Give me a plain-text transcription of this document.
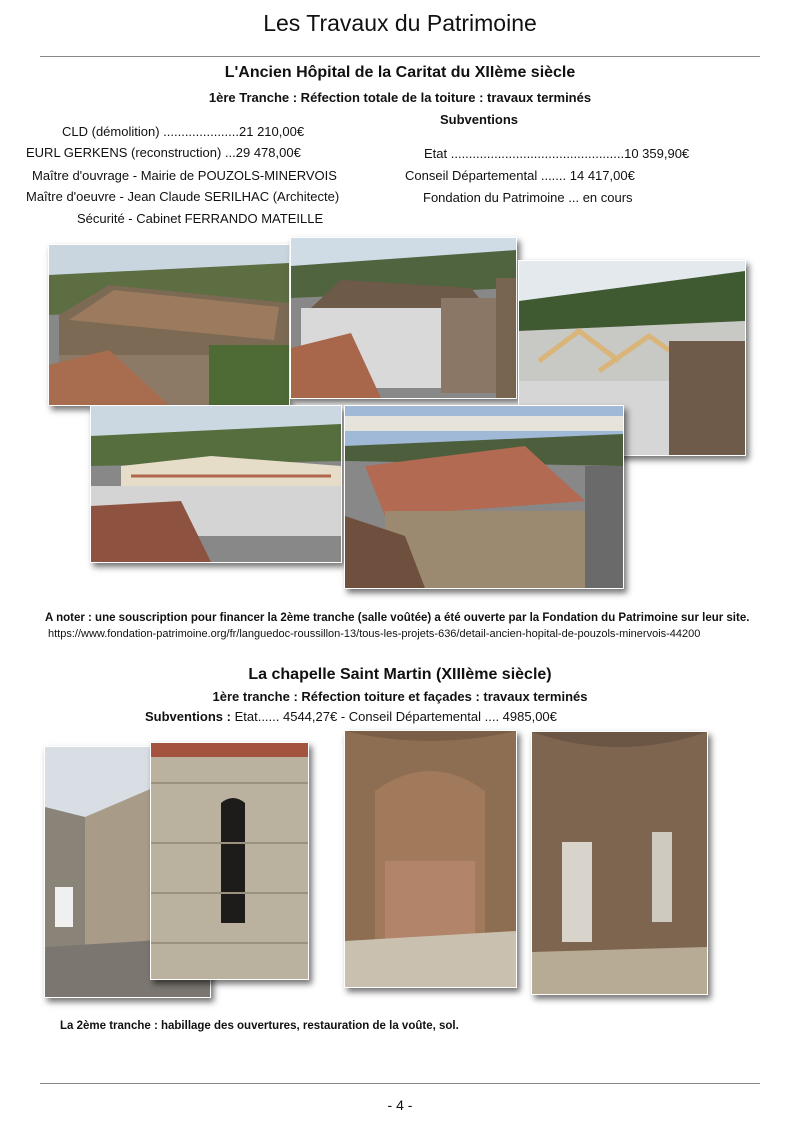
Les Travaux du Patrimoine
L'Ancien Hôpital de la Caritat du XIIème siècle
1ère Tranche : Réfection totale de la toiture : travaux terminés
Subventions
CLD (démolition) .....................21 210,00€
EURL GERKENS (reconstruction) ...29 478,00€
Maître d'ouvrage - Mairie de POUZOLS-MINERVOIS
Maître d'oeuvre - Jean Claude SERILHAC (Architecte)
Sécurité - Cabinet FERRANDO MATEILLE
Etat ................................................10 359,90€
Conseil Départemental ....... 14 417,00€
Fondation du Patrimoine ... en cours
A noter : une souscription pour financer la 2ème tranche (salle voûtée) a été ouverte par la Fondation du Patrimoine sur leur site.
https://www.fondation-patrimoine.org/fr/languedoc-roussillon-13/tous-les-projets-636/detail-ancien-hopital-de-pouzols-minervois-44200
La chapelle Saint Martin (XIIIème siècle)
1ère tranche : Réfection toiture et façades : travaux terminés
Subventions : Etat...... 4544,27€ - Conseil Départemental .... 4985,00€
La 2ème tranche : habillage des ouvertures, restauration de la voûte, sol.
- 4 -
